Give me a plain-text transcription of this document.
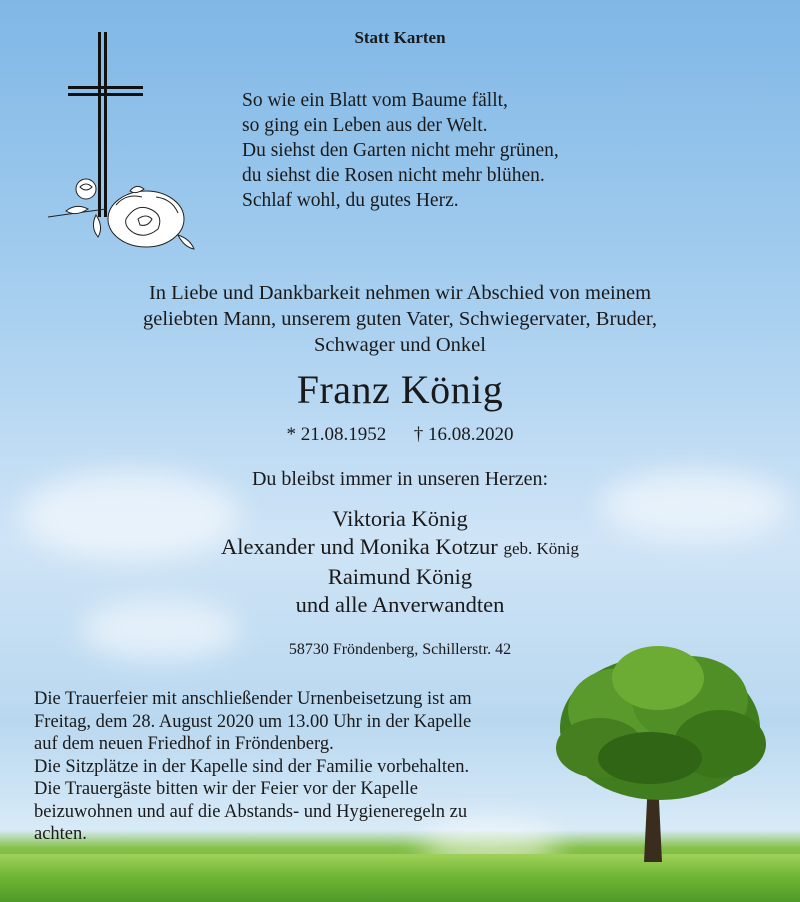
Statt Karten
So wie ein Blatt vom Baume fällt,
so ging ein Leben aus der Welt.
Du siehst den Garten nicht mehr grünen,
du siehst die Rosen nicht mehr blühen.
Schlaf wohl, du gutes Herz.
In Liebe und Dankbarkeit nehmen wir Abschied von meinem
geliebten Mann, unserem guten Vater, Schwiegervater, Bruder,
Schwager und Onkel
Franz König
* 21.08.1952 † 16.08.2020
Du bleibst immer in unseren Herzen:
Viktoria König
Alexander und Monika Kotzur geb. König
Raimund König
und alle Anverwandten
58730 Fröndenberg, Schillerstr. 42
Die Trauerfeier mit anschließender Urnenbeisetzung ist am
Freitag, dem 28. August 2020 um 13.00 Uhr in der Kapelle
auf dem neuen Friedhof in Fröndenberg.
Die Sitzplätze in der Kapelle sind der Familie vorbehalten.
Die Trauergäste bitten wir der Feier vor der Kapelle
beizuwohnen und auf die Abstands- und Hygieneregeln zu
achten.
